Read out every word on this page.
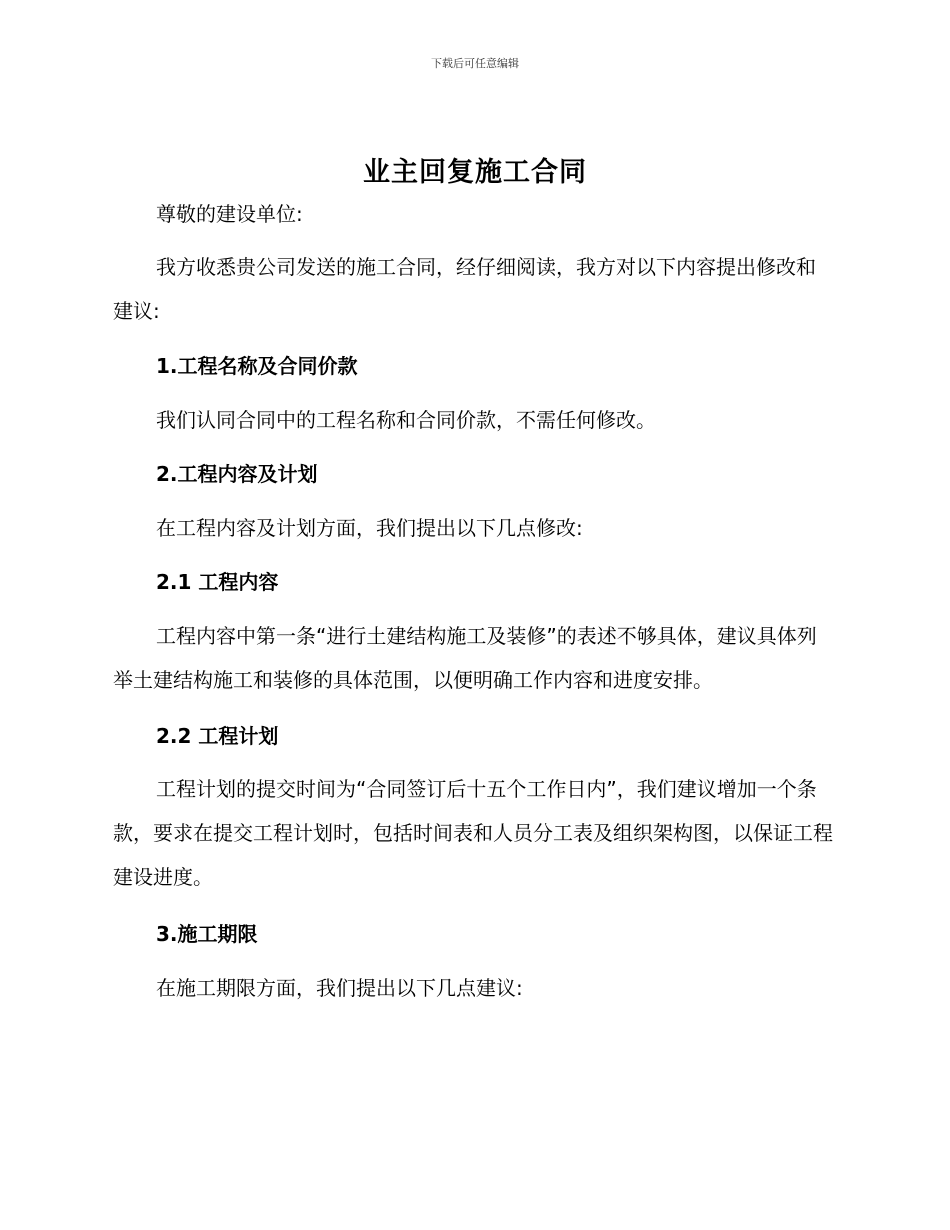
下载后可任意编辑
业主回复施工合同

尊敬的建设单位:

我方收悉贵公司发送的施工合同，经仔细阅读，我方对以下内容提出修改和建议:

1.工程名称及合同价款

我们认同合同中的工程名称和合同价款，不需任何修改。

2.工程内容及计划

在工程内容及计划方面，我们提出以下几点修改:

2.1 工程内容

工程内容中第一条“进行土建结构施工及装修”的表述不够具体，建议具体列举土建结构施工和装修的具体范围，以便明确工作内容和进度安排。

2.2 工程计划

工程计划的提交时间为“合同签订后十五个工作日内”，我们建议增加一个条款，要求在提交工程计划时，包括时间表和人员分工表及组织架构图，以保证工程建设进度。

3.施工期限

在施工期限方面，我们提出以下几点建议:
